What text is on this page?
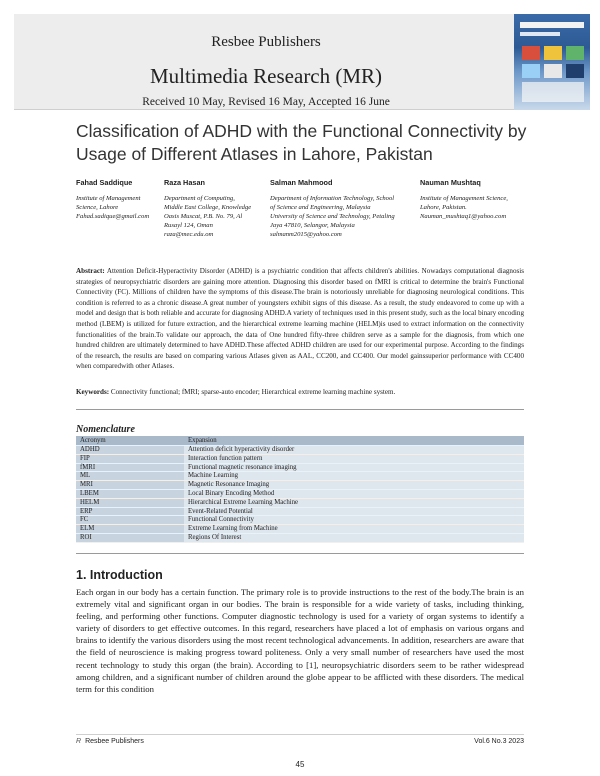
Resbee Publishers
Multimedia Research (MR)
Received 10 May, Revised 16 May, Accepted 16 June
Classification of ADHD with the Functional Connectivity by Usage of Different Atlases in Lahore, Pakistan
Fahad Saddique
Institute of Management
Science, Lahore
Fahad.sadique@gmail.com
Raza Hasan
Department of Computing,
Middle East College, Knowledge
Oasis Muscat, P.B. No. 79, Al
Rusayl 124, Oman
raza@mec.edu.om
Salman Mahmood
Department of Information Technology, School
of Science and Engineering, Malaysia
University of Science and Technology, Petaling
Jaya 47810, Selangor, Malaysia
salmanm2015@yahoo.com
Nauman Mushtaq
Institute of Management Science,
Lahore, Pakistan.
Nauman_mushtaq1@yahoo.com
Abstract: Attention Deficit-Hyperactivity Disorder (ADHD) is a psychiatric condition that affects children's abilities. Nowadays computational diagnosis strategies of neuropsychiatric disorders are gaining more attention. Diagnosing this disorder based on fMRI is critical to determine the brain's Functional Connectivity (FC). Millions of children have the symptoms of this disease.The brain is notoriously unreliable for diagnosing neurological conditions. This condition is referred to as a chronic disease.A great number of youngsters exhibit signs of this disease. As a result, the study endeavored to come up with a model and design that is both reliable and accurate for diagnosing ADHD.A variety of techniques used in this present study, such as the local binary encoding method (LBEM) is utilized for future extraction, and the hierarchical extreme learning machine (HELM)is used to extract information on the connectivity functionalities of the brain.To validate our approach, the data of One hundred fifty-three children serve as a sample for the diagnosis, from which one hundred children are ultimately determined to have ADHD.These affected ADHD children are used for our experimental purpose. According to the findings of the research, the results are based on comparing various Atlases given as AAL, CC200, and CC400. Our model gainssuperior performance with CC400 when comparedwith other Atlases.
Keywords: Connectivity functional; fMRI; sparse-auto encoder; Hierarchical extreme learning machine system.
Nomenclature
Acronym	Expansion
ADHD	Attention deficit hyperactivity disorder
FIP	Interaction function pattern
fMRI	Functional magnetic resonance imaging
ML	Machine Learning
MRI	Magnetic Resonance Imaging
LBEM	Local Binary Encoding Method
HELM	Hierarchical Extreme Learning Machine
ERP	Event-Related Potential
FC	Functional Connectivity
ELM	Extreme Learning from Machine
ROI	Regions Of Interest
1. Introduction
Each organ in our body has a certain function. The primary role is to provide instructions to the rest of the body.The brain is an extremely vital and significant organ in our bodies. The brain is responsible for a wide variety of tasks, including thinking, feeling, and performing other functions. Computer diagnostic technology is used for a variety of organ systems to identify a variety of disorders to get effective outcomes. In this regard, researchers have placed a lot of emphasis on various organs and brains to identify the various disorders using the most recent technological advancements. In addition, researchers are aware that the field of neuroscience is making progress toward politeness. Only a very small number of researchers have used the most recent technology to study this organ (the brain). According to [1], neuropsychiatric disorders seem to be rather widespread among children, and a significant number of children around the globe appear to be afflicted with these disorders. The medical term for this condition
R Resbee Publishers	Vol.6 No.3 2023
45
